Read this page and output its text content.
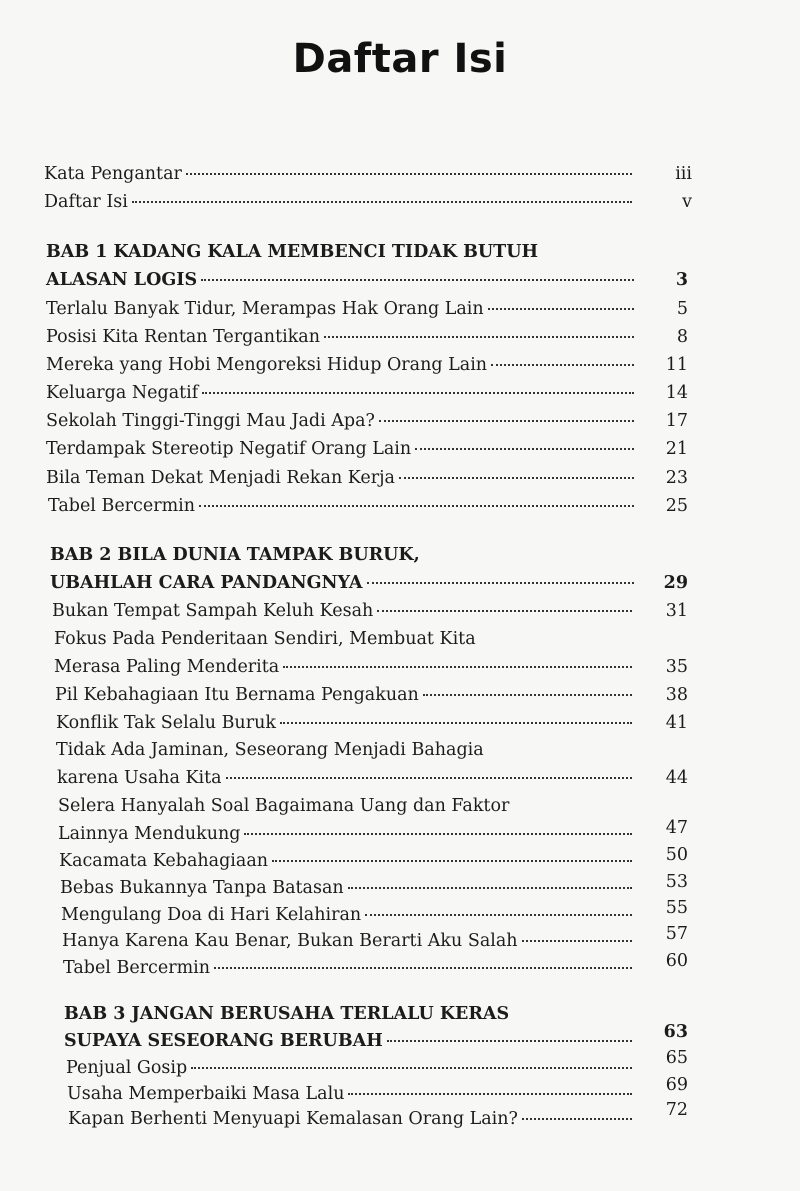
Daftar Isi
Kata Pengantar	iii
Daftar Isi	v
BAB 1 KADANG KALA MEMBENCI TIDAK BUTUH
ALASAN LOGIS	3
Terlalu Banyak Tidur, Merampas Hak Orang Lain	5
Posisi Kita Rentan Tergantikan	8
Mereka yang Hobi Mengoreksi Hidup Orang Lain	11
Keluarga Negatif	14
Sekolah Tinggi-Tinggi Mau Jadi Apa?	17
Terdampak Stereotip Negatif Orang Lain	21
Bila Teman Dekat Menjadi Rekan Kerja	23
Tabel Bercermin	25
BAB 2 BILA DUNIA TAMPAK BURUK,
UBAHLAH CARA PANDANGNYA	29
Bukan Tempat Sampah Keluh Kesah	31
Fokus Pada Penderitaan Sendiri, Membuat Kita
Merasa Paling Menderita	35
Pil Kebahagiaan Itu Bernama Pengakuan	38
Konflik Tak Selalu Buruk	41
Tidak Ada Jaminan, Seseorang Menjadi Bahagia
karena Usaha Kita	44
Selera Hanyalah Soal Bagaimana Uang dan Faktor
Lainnya Mendukung	47
Kacamata Kebahagiaan	50
Bebas Bukannya Tanpa Batasan	53
Mengulang Doa di Hari Kelahiran	55
Hanya Karena Kau Benar, Bukan Berarti Aku Salah	57
Tabel Bercermin	60
BAB 3 JANGAN BERUSAHA TERLALU KERAS
SUPAYA SESEORANG BERUBAH	63
Penjual Gosip	65
Usaha Memperbaiki Masa Lalu	69
Kapan Berhenti Menyuapi Kemalasan Orang Lain?	72
